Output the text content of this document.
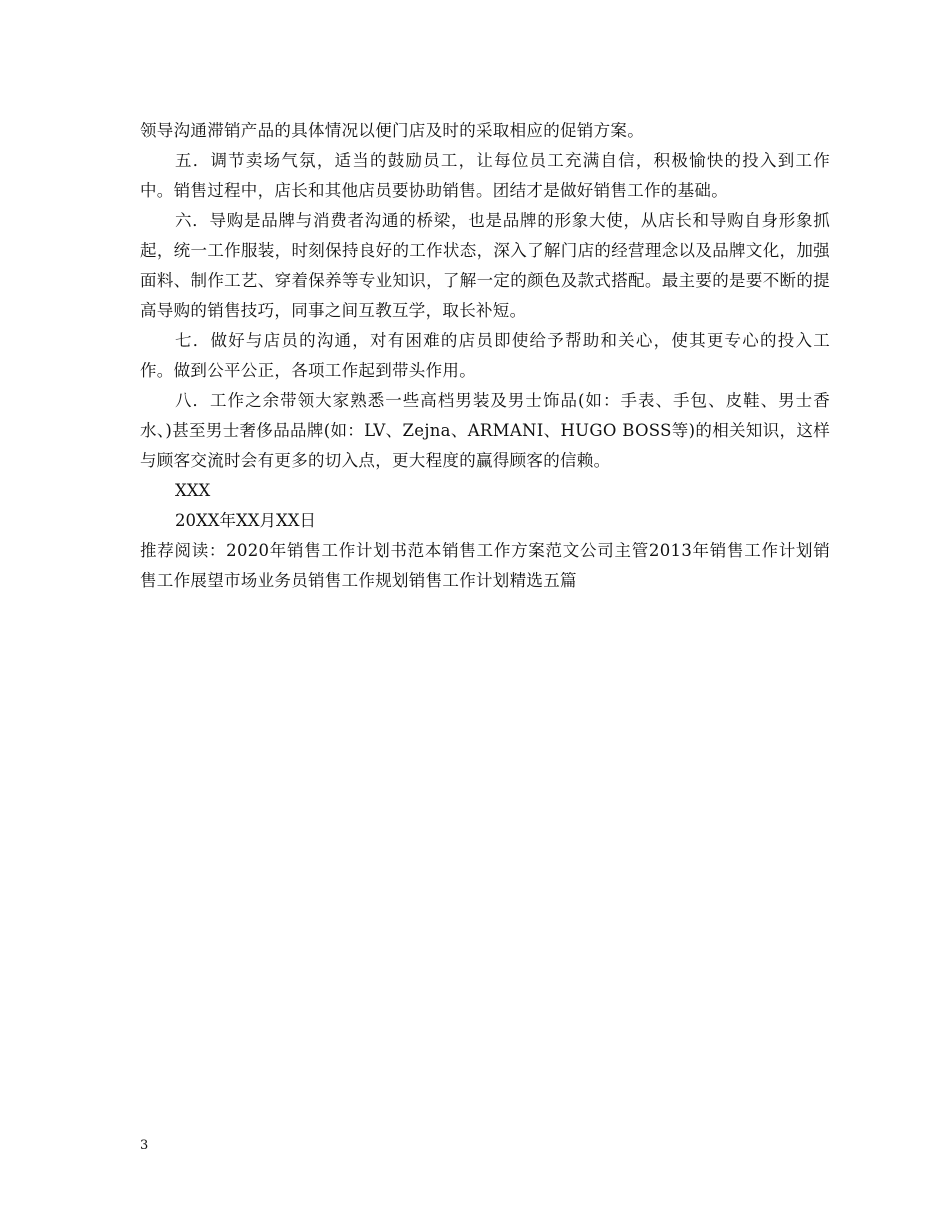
领导沟通滞销产品的具体情况以便门店及时的采取相应的促销方案。

五．调节卖场气氛，适当的鼓励员工，让每位员工充满自信，积极愉快的投入到工作中。销售过程中，店长和其他店员要协助销售。团结才是做好销售工作的基础。

六．导购是品牌与消费者沟通的桥梁，也是品牌的形象大使，从店长和导购自身形象抓起，统一工作服装，时刻保持良好的工作状态，深入了解门店的经营理念以及品牌文化，加强面料、制作工艺、穿着保养等专业知识，了解一定的颜色及款式搭配。最主要的是要不断的提高导购的销售技巧，同事之间互教互学，取长补短。

七．做好与店员的沟通，对有困难的店员即使给予帮助和关心，使其更专心的投入工作。做到公平公正，各项工作起到带头作用。

八．工作之余带领大家熟悉一些高档男装及男士饰品(如：手表、手包、皮鞋、男士香水、)甚至男士奢侈品品牌(如：LV、Zejna、ARMANI、HUGO BOSS等)的相关知识，这样与顾客交流时会有更多的切入点，更大程度的赢得顾客的信赖。

XXX

20XX年XX月XX日

推荐阅读：2020年销售工作计划书范本销售工作方案范文公司主管2013年销售工作计划销售工作展望市场业务员销售工作规划销售工作计划精选五篇

3
